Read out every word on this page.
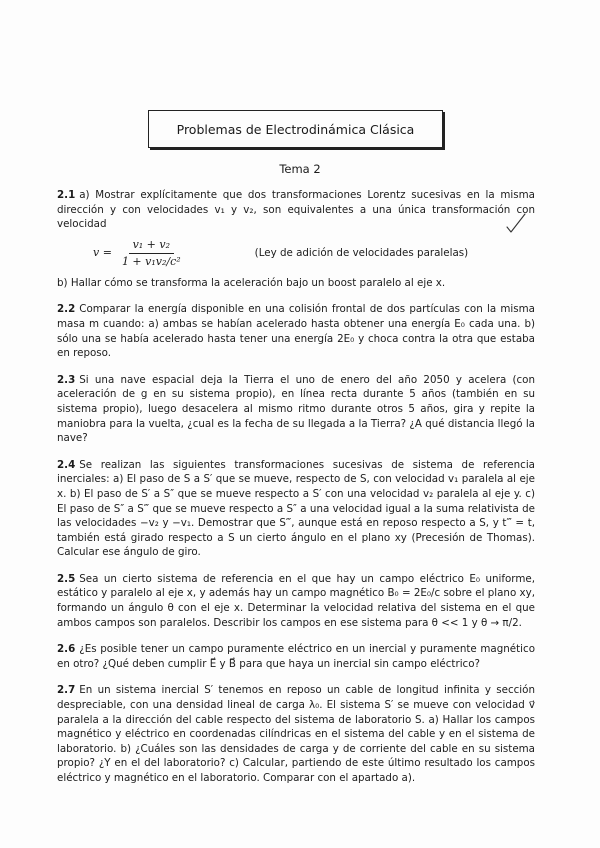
Problemas de Electrodinámica Clásica
Tema 2
2.1 a) Mostrar explícitamente que dos transformaciones Lorentz sucesivas en la misma dirección y con velocidades v₁ y v₂, son equivalentes a una única transformación con velocidad
$v = \frac{\text{v₁ + v₂}}{\text{1 + v₁v₂/c²}}$	(Ley de adición de velocidades paralelas)
b) Hallar cómo se transforma la aceleración bajo un boost paralelo al eje x.
2.2 Comparar la energía disponible en una colisión frontal de dos partículas con la misma masa m cuando: a) ambas se habían acelerado hasta obtener una energía E₀ cada una. b) sólo una se había acelerado hasta tener una energía 2E₀ y choca contra la otra que estaba en reposo.
2.3 Si una nave espacial deja la Tierra el uno de enero del año 2050 y acelera (con aceleración de g en su sistema propio), en línea recta durante 5 años (también en su sistema propio), luego desacelera al mismo ritmo durante otros 5 años, gira y repite la maniobra para la vuelta, ¿cual es la fecha de su llegada a la Tierra? ¿A qué distancia llegó la nave?
2.4 Se realizan las siguientes transformaciones sucesivas de sistema de referencia inerciales: a) El paso de S a S′ que se mueve, respecto de S, con velocidad v₁ paralela al eje x. b) El paso de S′ a S″ que se mueve respecto a S′ con una velocidad v₂ paralela al eje y. c) El paso de S″ a S‴ que se mueve respecto a S″ a una velocidad igual a la suma relativista de las velocidades −v₂ y −v₁. Demostrar que S‴, aunque está en reposo respecto a S, y t‴ = t, también está girado respecto a S un cierto ángulo en el plano xy (Precesión de Thomas). Calcular ese ángulo de giro.
2.5 Sea un cierto sistema de referencia en el que hay un campo eléctrico E₀ uniforme, estático y paralelo al eje x, y además hay un campo magnético B₀ = 2E₀/c sobre el plano xy, formando un ángulo θ con el eje x. Determinar la velocidad relativa del sistema en el que ambos campos son paralelos. Describir los campos en ese sistema para θ << 1 y θ → π/2.
2.6 ¿Es posible tener un campo puramente eléctrico en un inercial y puramente magnético en otro? ¿Qué deben cumplir E⃗ y B⃗ para que haya un inercial sin campo eléctrico?
2.7 En un sistema inercial S′ tenemos en reposo un cable de longitud infinita y sección despreciable, con una densidad lineal de carga λ₀. El sistema S′ se mueve con velocidad v⃗ paralela a la dirección del cable respecto del sistema de laboratorio S. a) Hallar los campos magnético y eléctrico en coordenadas cilíndricas en el sistema del cable y en el sistema de laboratorio. b) ¿Cuáles son las densidades de carga y de corriente del cable en su sistema propio? ¿Y en el del laboratorio? c) Calcular, partiendo de este último resultado los campos eléctrico y magnético en el laboratorio. Comparar con el apartado a).
